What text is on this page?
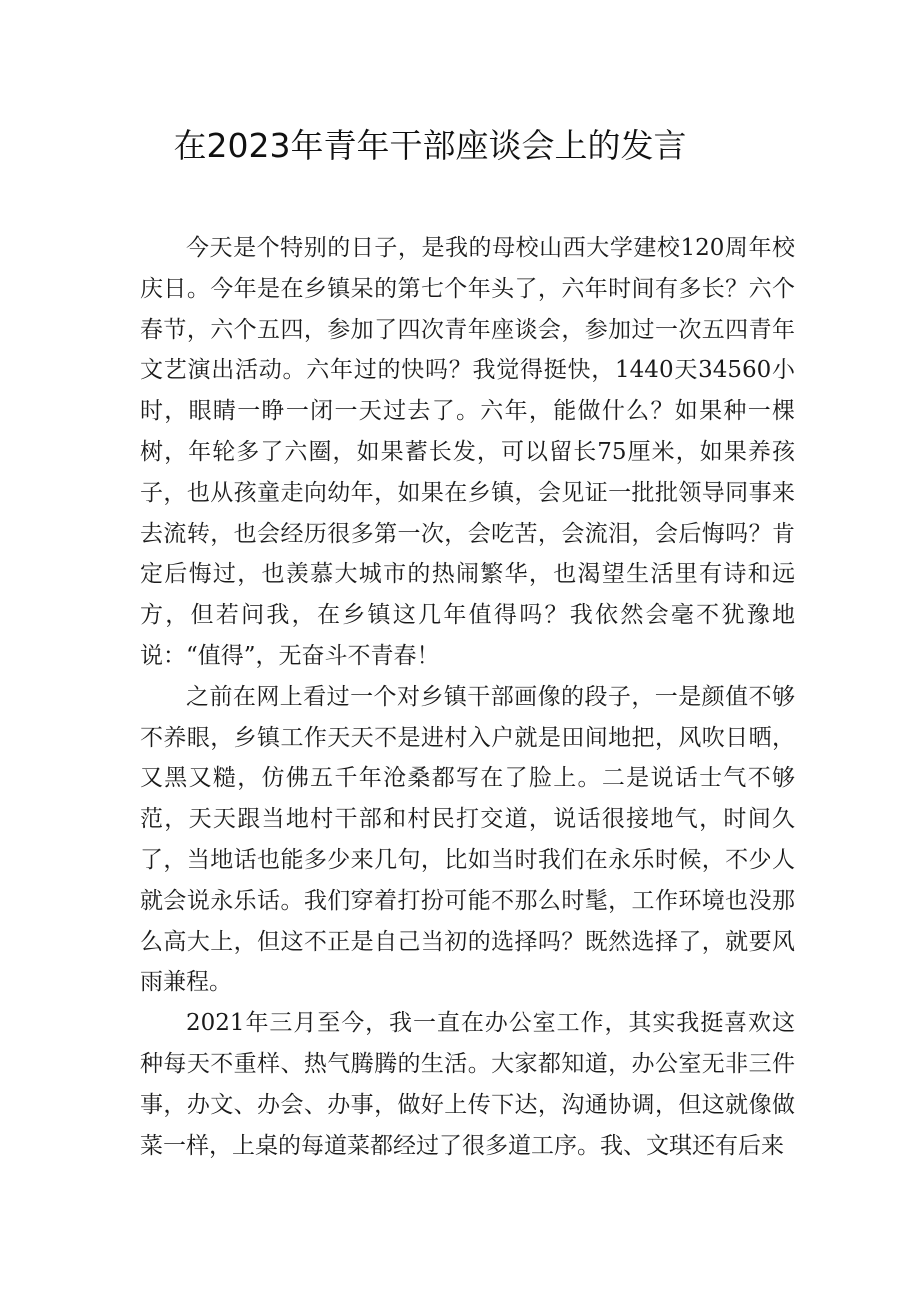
在2023年青年干部座谈会上的发言

今天是个特别的日子，是我的母校山西大学建校120周年校庆日。今年是在乡镇呆的第七个年头了，六年时间有多长？六个春节，六个五四，参加了四次青年座谈会，参加过一次五四青年文艺演出活动。六年过的快吗？我觉得挺快，1440天34560小时，眼睛一睁一闭一天过去了。六年，能做什么？如果种一棵树，年轮多了六圈，如果蓄长发，可以留长75厘米，如果养孩子，也从孩童走向幼年，如果在乡镇，会见证一批批领导同事来去流转，也会经历很多第一次，会吃苦，会流泪，会后悔吗？肯定后悔过，也羡慕大城市的热闹繁华，也渴望生活里有诗和远方，但若问我，在乡镇这几年值得吗？我依然会毫不犹豫地说：“值得”，无奋斗不青春！

之前在网上看过一个对乡镇干部画像的段子，一是颜值不够不养眼，乡镇工作天天不是进村入户就是田间地把，风吹日晒，又黑又糙，仿佛五千年沧桑都写在了脸上。二是说话士气不够范，天天跟当地村干部和村民打交道，说话很接地气，时间久了，当地话也能多少来几句，比如当时我们在永乐时候，不少人就会说永乐话。我们穿着打扮可能不那么时髦，工作环境也没那么高大上，但这不正是自己当初的选择吗？既然选择了，就要风雨兼程。

2021年三月至今，我一直在办公室工作，其实我挺喜欢这种每天不重样、热气腾腾的生活。大家都知道，办公室无非三件事，办文、办会、办事，做好上传下达，沟通协调，但这就像做菜一样，上桌的每道菜都经过了很多道工序。我、文琪还有后来
